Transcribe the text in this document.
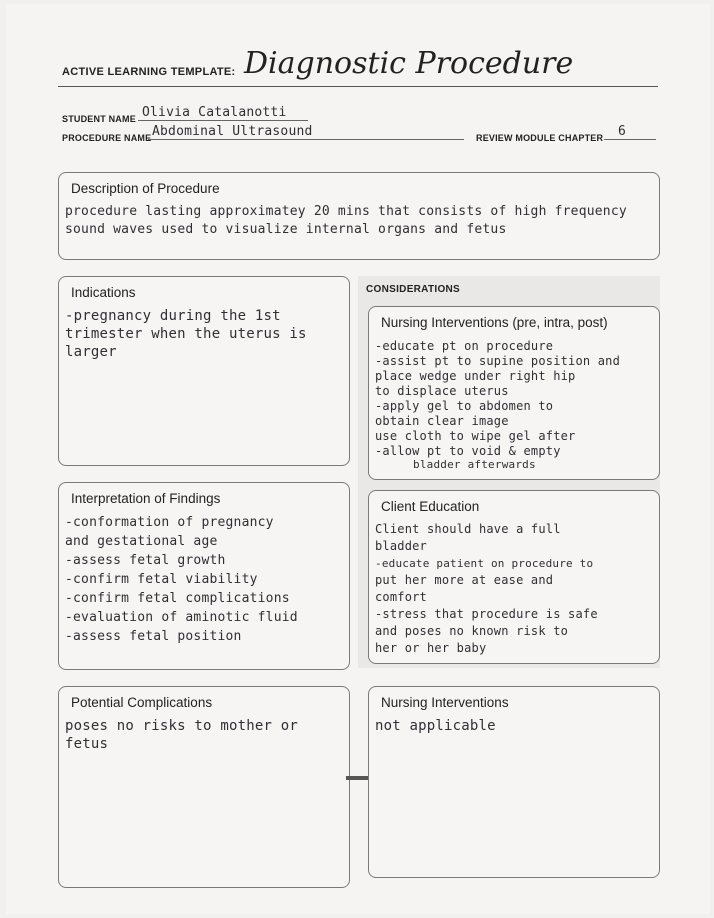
ACTIVE LEARNING TEMPLATE: Diagnostic Procedure
STUDENT NAME Olivia Catalanotti
PROCEDURE NAME Abdominal Ultrasound	REVIEW MODULE CHAPTER 6
Description of Procedure
procedure lasting approximatey 20 mins that consists of high frequency
sound waves used to visualize internal organs and fetus
Indications
-pregnancy during the 1st
trimester when the uterus is
larger
CONSIDERATIONS
Nursing Interventions (pre, intra, post)
-educate pt on procedure
-assist pt to supine position and
place wedge under right hip
to displace uterus
-apply gel to abdomen to
obtain clear image
use cloth to wipe gel after
-allow pt to void & empty
bladder afterwards
Interpretation of Findings
-conformation of pregnancy
and gestational age
-assess fetal growth
-confirm fetal viability
-confirm fetal complications
-evaluation of aminotic fluid
-assess fetal position
Client Education
Client should have a full
bladder
-educate patient on procedure to
put her more at ease and
comfort
-stress that procedure is safe
and poses no known risk to
her or her baby
Potential Complications
poses no risks to mother or
fetus
Nursing Interventions
not applicable
